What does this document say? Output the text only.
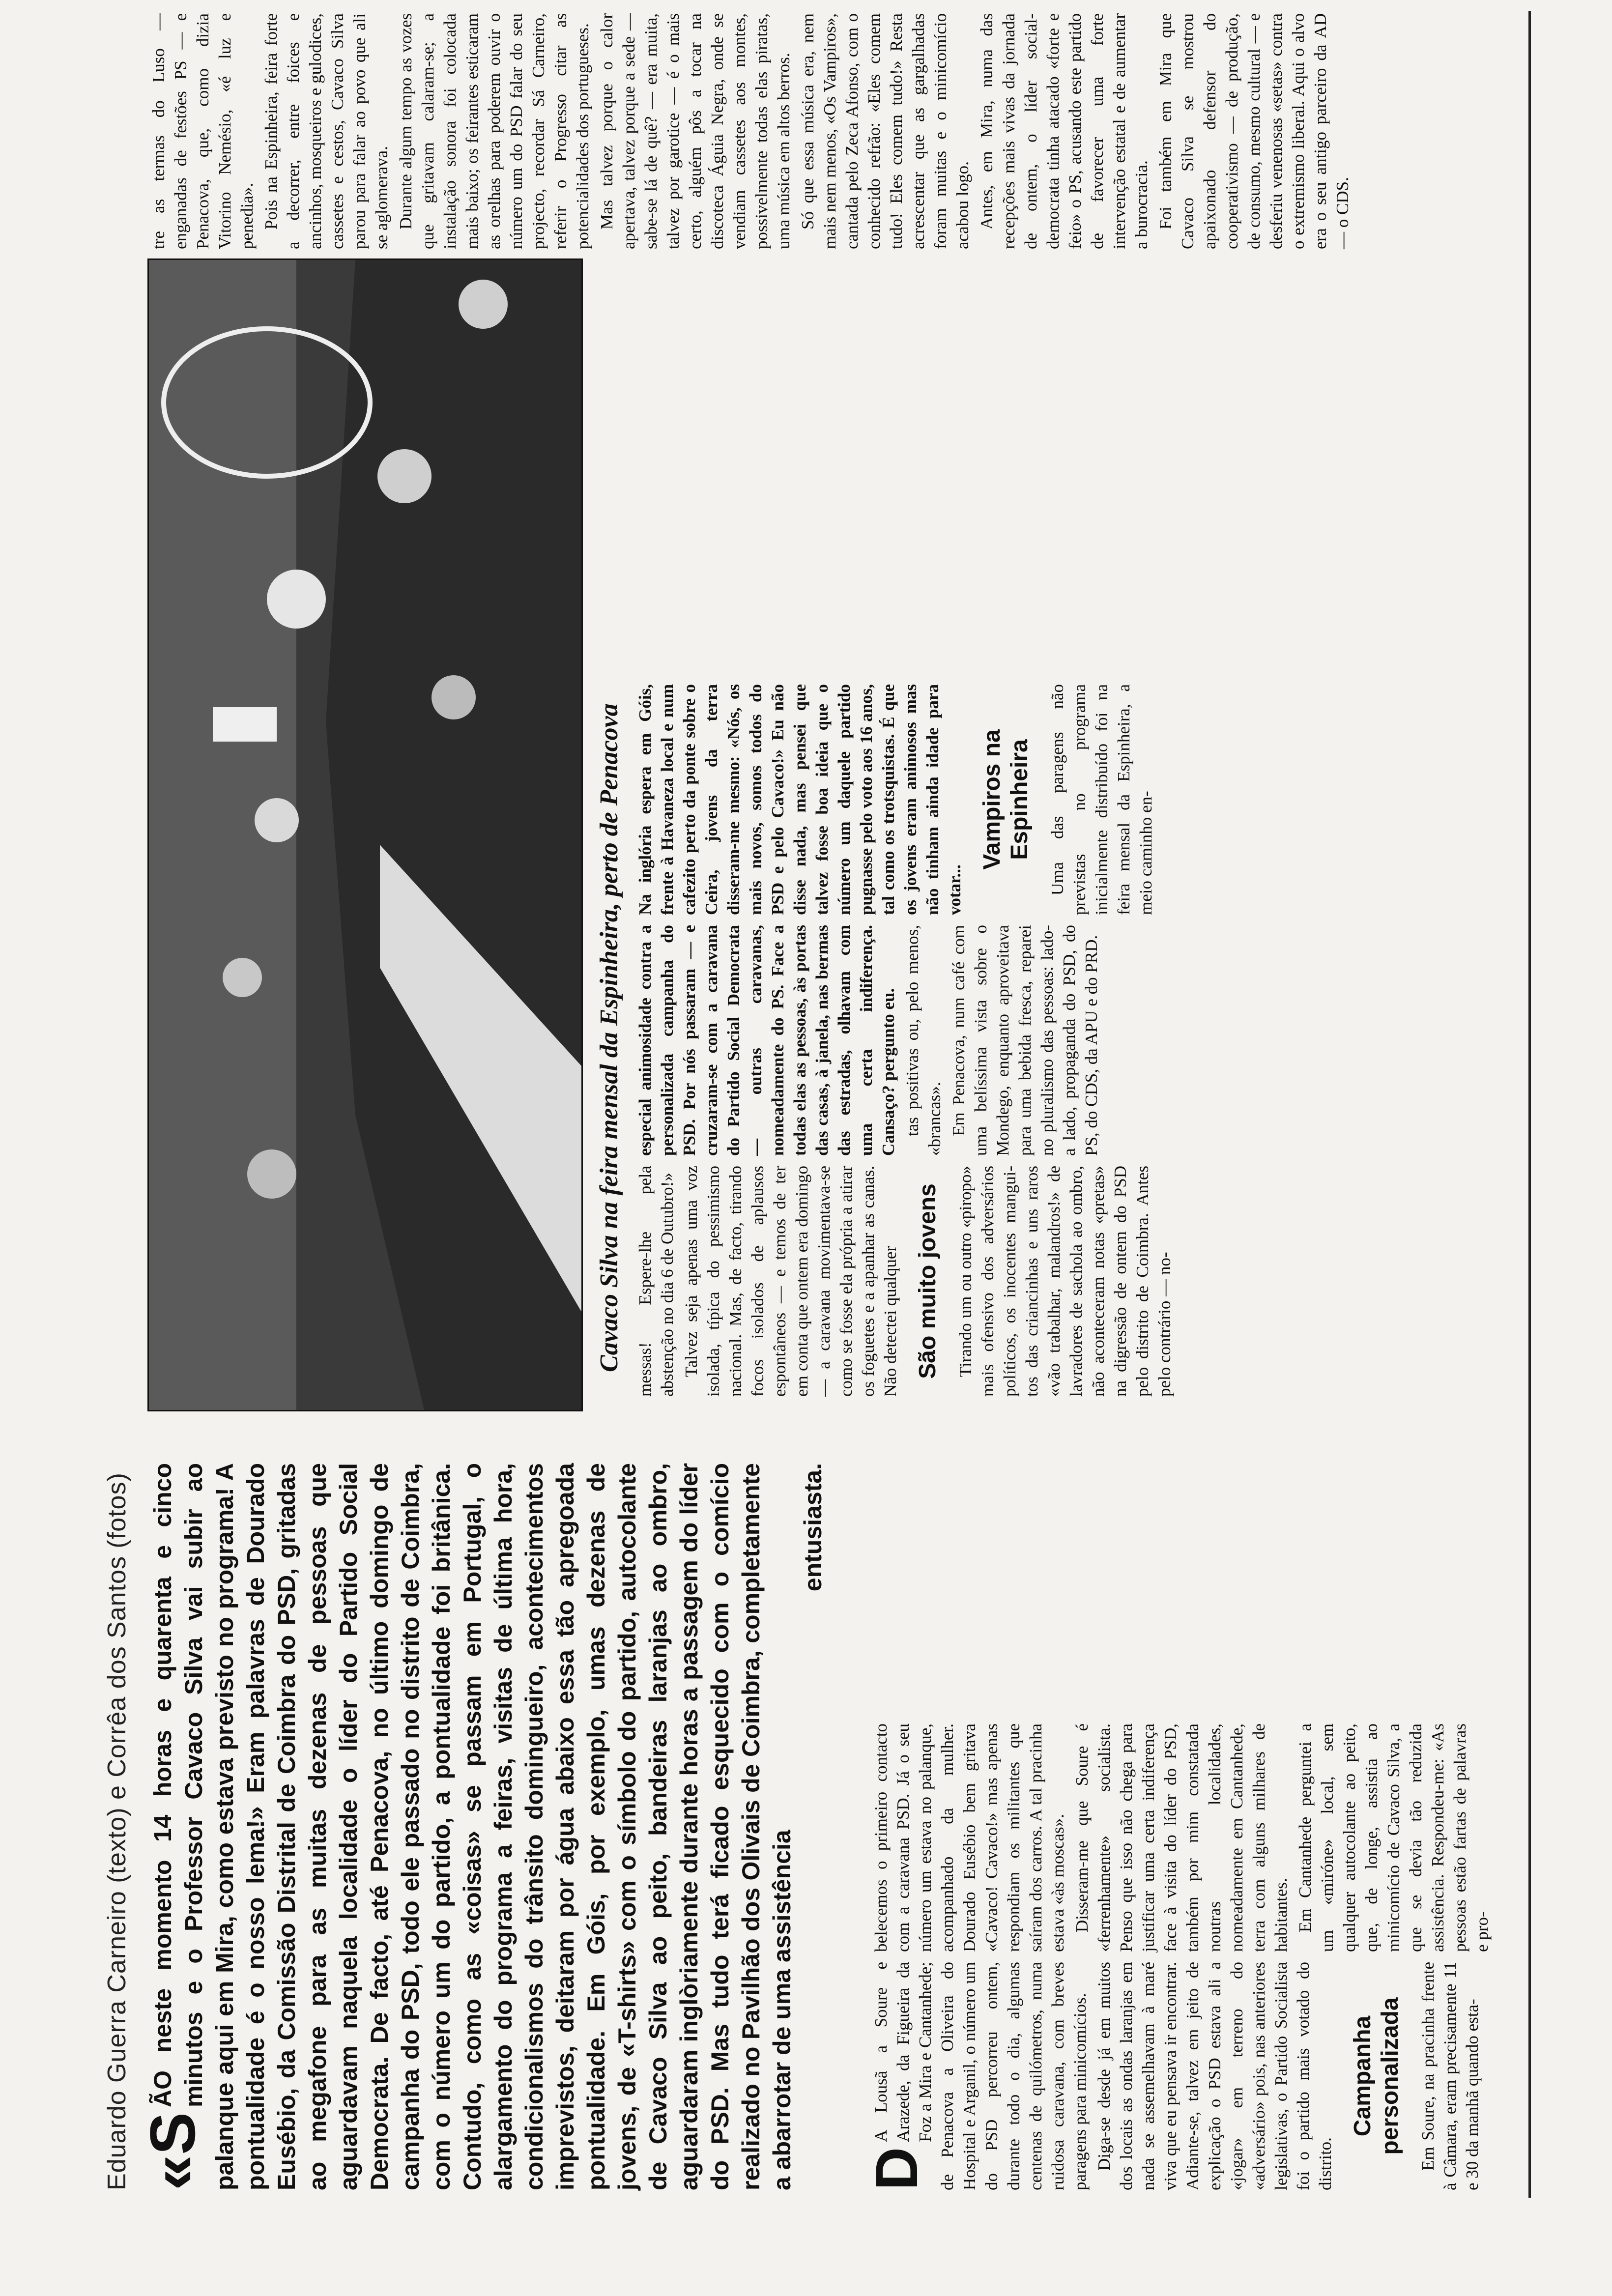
Eduardo Guerra Carneiro (texto) e Corrêa dos Santos (fotos) «S

ÃO neste momento 14 horas e quarenta e cinco minutos e o Professor Cavaco Silva vai subir ao palanque aqui em Mira, como estava previsto no programa! A pontualidade é o nosso lema!» Eram palavras de Dourado Eusébio, da Comissão Distrital de Coimbra do PSD, gritadas ao megafone para as muitas dezenas de pessoas que aguardavam naquela localidade o líder do Partido Social Democrata. De facto, até Penacova, no último domingo de campanha do PSD, todo ele passado no distrito de Coimbra, com o número um do partido, a pontualidade foi britânica. Contudo, como as «coisas» se passam em Portugal, o alargamento do programa a feiras, visitas de última hora, condicionalismos do trânsito domingueiro, acontecimentos imprevistos, deitaram por água abaixo essa tão apregoada pontualidade. Em Góis, por exemplo, umas dezenas de jovens, de «T-shirts» com o símbolo do partido, autocolante de Cavaco Silva ao peito, bandeiras laranjas ao ombro, aguardaram inglòriamente durante horas a passagem do líder do PSD. Mas tudo terá ficado esquecido com o comício realizado no Pavilhão dos Olivais de Coimbra, completamente a abarrotar de uma assistência

entusiasta.

Cavaco Silva na feira mensal da Espinheira, perto de Penacova

D
A Lousã a Soure e Arazede, da Figueira da Foz a Mira e Cantanhede; de Penacova a Oliveira do Hospital e Arganil, o número um do PSD percorreu ontem, durante todo o dia, algumas centenas de quilómetros, numa ruidosa caravana, com breves paragens para minicomícios. Diga-se desde já em muitos dos locais as ondas laranjas em nada se assemelhavam à maré viva que eu pensava ir encontrar. Adiante-se, talvez em jeito de explicação o PSD estava ali a «jogar» em terreno do «adversário» pois, nas anteriores legislativas, o Partido Socialista foi o partido mais votado do distrito.

Campanha personalizada Em Soure, na pracinha frente à Câmara, eram precisamente 11 e 30 da manhã quando esta-

belecemos o primeiro contacto com a caravana PSD. Já o seu número um estava no palanque, acompanhado da mulher. Dourado Eusébio bem gritava «Cavaco! Cavaco!» mas apenas respondiam os militantes que saíram dos carros. A tal pracinha estava «às moscas». Disseram-me que Soure é «ferrenhamente» socialista. Penso que isso não chega para justificar uma certa indiferença face à visita do líder do PSD, também por mim constatada noutras localidades, nomeadamente em Cantanhede, terra com alguns milhares de habitantes. Em Cantanhede perguntei a um «miróne» local, sem qualquer autocolante ao peito, que, de longe, assistia ao minicomício de Cavaco Silva, a que se devia tão reduzida assistência. Respondeu-me: «As pessoas estão fartas de palavras e pro-

messas! Espere-lhe pela abstenção no dia 6 de Outubro!» Talvez seja apenas uma voz isolada, típica do pessimismo nacional. Mas, de facto, tirando focos isolados de aplausos espontâneos — e temos de ter em conta que ontem era domingo — a caravana movimentava-se como se fosse ela própria a atirar os foguetes e a apanhar as canas. Não detectei qualquer São muito jovens Tirando um ou outro «piropo» mais ofensivo dos adversários políticos, os inocentes mangui-tos das criancinhas e uns raros «vão trabalhar, malandros!» de lavradores de sachola ao ombro, não aconteceram notas «pretas» na digressão de ontem do PSD pelo distrito de Coimbra. Antes pelo contrário — no-

especial animosidade contra a personalizada campanha do PSD. Por nós passaram — e cruzaram-se com a caravana do Partido Social Democrata — outras caravanas, nomeadamente do PS. Face a todas elas as pessoas, às portas das casas, à janela, nas bermas das estradas, olhavam com uma certa indiferença. Cansaço? pergunto eu. tas positivas ou, pelo menos, «brancas». Em Penacova, num café com uma belíssima vista sobre o Mondego, enquanto aproveitava para uma bebida fresca, reparei no pluralismo das pessoas: lado-a lado, propaganda do PSD, do PS, do CDS, da APU e do PRD.

Na inglória espera em Góis, frente à Havaneza local e num cafezito perto da ponte sobre o Ceira, jovens da terra disseram-me mesmo: «Nós, os mais novos, somos todos do PSD e pelo Cavaco!» Eu não disse nada, mas pensei que talvez fosse boa ideia que o número um daquele partido pugnasse pelo voto aos 16 anos, tal como os trotsquistas. É que os jovens eram animosos mas não tinham ainda idade para votar...

Vampiros na Espinheira Uma das paragens não previstas no programa inicialmente distribuído foi na feira mensal da Espinheira, a meio caminho en-

tre as termas do Luso — enganadas de festões PS — e Penacova, que, como dizia Vitorino Nemésio, «é luz e penedia». Pois na Espinheira, feira forte a decorrer, entre foices e ancinhos, mosqueiros e gulodices, cassetes e cestos, Cavaco Silva parou para falar ao povo que ali se aglomerava. Durante algum tempo as vozes que gritavam calaram-se; a instalação sonora foi colocada mais baixo; os feirantes esticaram as orelhas para poderem ouvir o número um do PSD falar do seu projecto, recordar Sá Carneiro, referir o Progresso citar as potencialidades dos portugueses. Mas talvez porque o calor apertava, talvez porque a sede — sabe-se lá de quê? — era muita, talvez por garotice — é o mais certo, alguém pôs a tocar na discoteca Águia Negra, onde se vendiam cassetes aos montes, possivelmente todas elas piratas, uma música em altos berros. Só que essa música era, nem mais nem menos, «Os Vampiros», cantada pelo Zeca Afonso, com o conhecido refrão: «Eles comem tudo! Eles comem tudo!» Resta acrescentar que as gargalhadas foram muitas e o minicomício acabou logo. Antes, em Mira, numa das recepções mais vivas da jornada de ontem, o líder social-democrata tinha atacado «forte e feio» o PS, acusando este partido de favorecer uma forte intervenção estatal e de aumentar a burocracia. Foi também em Mira que Cavaco Silva se mostrou apaixonado defensor do cooperativismo — de produção, de consumo, mesmo cultural — e desferiu venenosas «setas» contra o extremismo liberal. Aqui o alvo era o seu antigo parceiro da AD — o CDS.
